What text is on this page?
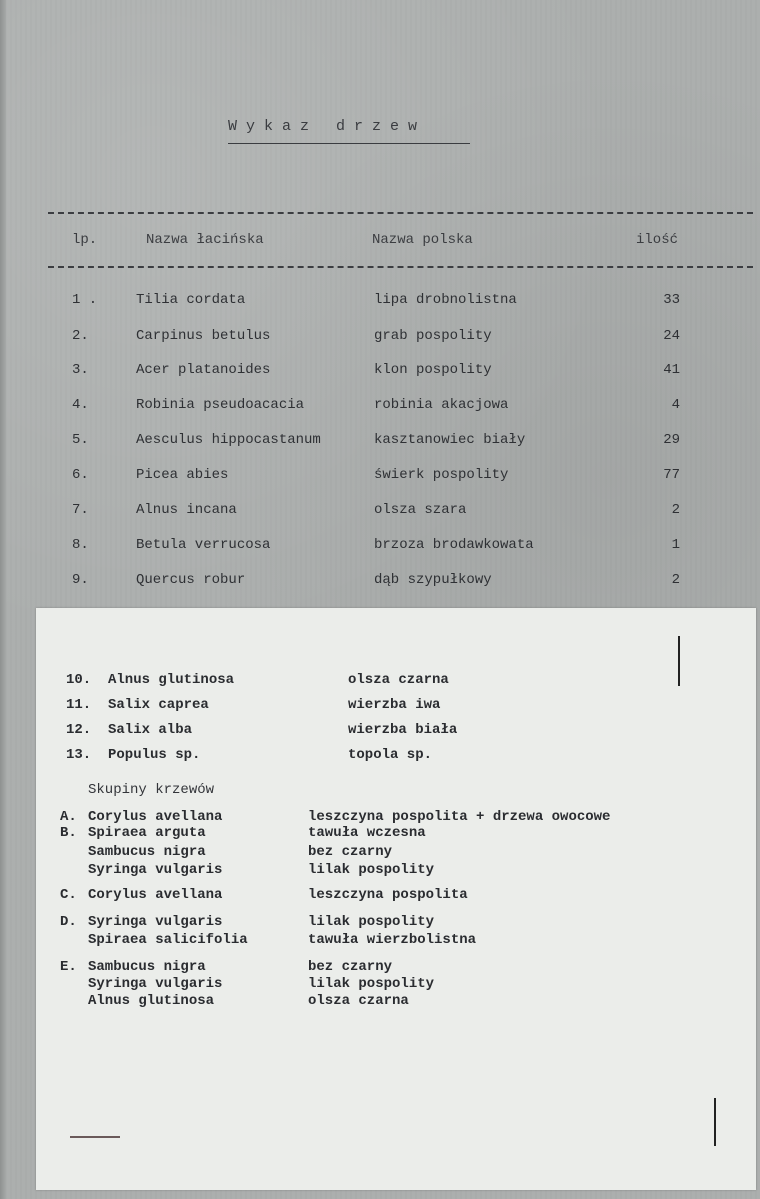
W y k a z   d r z e w
lp.	Nazwa łacińska	Nazwa polska	ilość
1 .	Tilia cordata	lipa drobnolistna	33
2.	Carpinus betulus	grab pospolity	24
3.	Acer platanoides	klon pospolity	41
4.	Robinia pseudoacacia	robinia akacjowa	4
5.	Aesculus hippocastanum	kasztanowiec biały	29
6.	Picea abies	świerk pospolity	77
7.	Alnus incana	olsza szara	2
8.	Betula verrucosa	brzoza brodawkowata	1
9.	Quercus robur	dąb szypułkowy	2
10. Alnus glutinosa	olsza czarna
11. Salix caprea	wierzba iwa
12. Salix alba	wierzba biała
13. Populus sp.	topola sp.
Skupiny krzewów
A. Corylus avellana	leszczyna pospolita + drzewa owocowe
B. Spiraea arguta	tawuła wczesna
Sambucus nigra	bez czarny
Syringa vulgaris	lilak pospolity
C. Corylus avellana	leszczyna pospolita
D. Syringa vulgaris	lilak pospolity
Spiraea salicifolia	tawuła wierzbolistna
E. Sambucus nigra	bez czarny
Syringa vulgaris	lilak pospolity
Alnus glutinosa	olsza czarna
